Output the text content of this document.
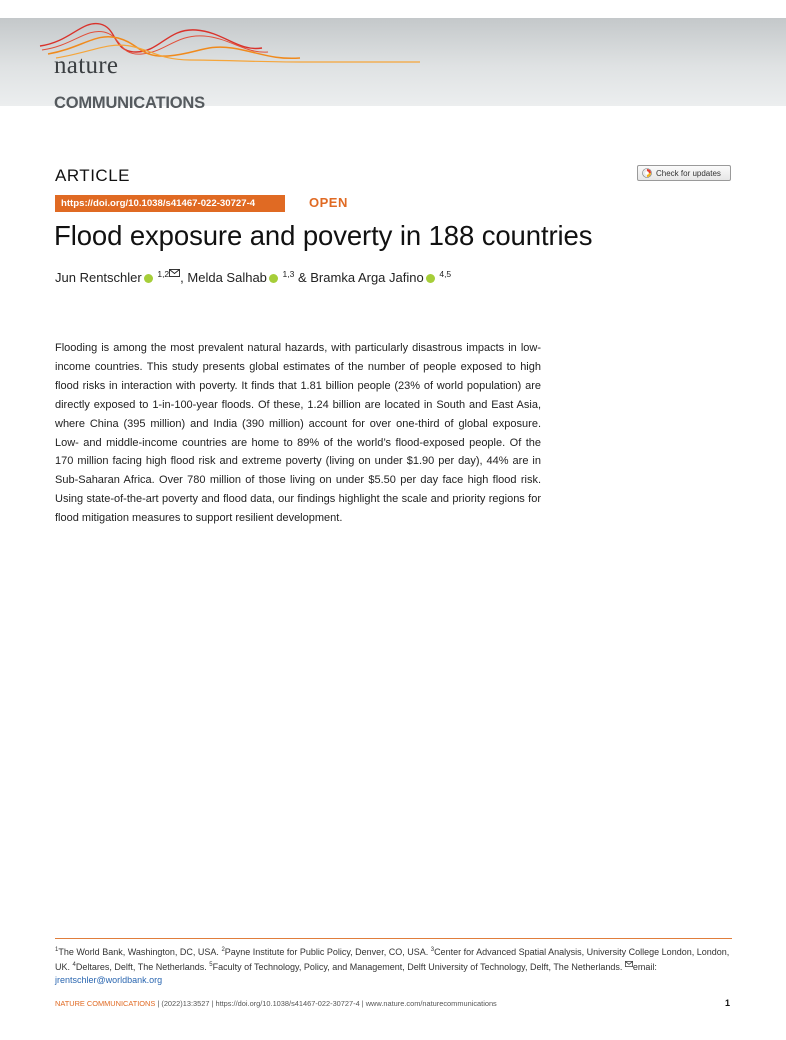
nature
COMMUNICATIONS
ARTICLE	Check for updates
https://doi.org/10.1038/s41467-022-30727-4	OPEN
Flood exposure and poverty in 188 countries
Jun Rentschler $^{1,2}$ , Melda Salhab $^{1,3}$ & Bramka Arga Jafino $^{4,5}$

Flooding is among the most prevalent natural hazards, with particularly disastrous impacts in low-income countries. This study presents global estimates of the number of people exposed to high flood risks in interaction with poverty. It finds that 1.81 billion people (23% of world population) are directly exposed to 1-in-100-year floods. Of these, 1.24 billion are located in South and East Asia, where China (395 million) and India (390 million) account for over one-third of global exposure. Low- and middle-income countries are home to 89% of the world’s flood-exposed people. Of the 170 million facing high flood risk and extreme poverty (living on under $1.90 per day), 44% are in Sub-Saharan Africa. Over 780 million of those living on under $5.50 per day face high flood risk. Using state-of-the-art poverty and flood data, our findings highlight the scale and priority regions for flood mitigation measures to support resilient development.

$^1$The World Bank, Washington, DC, USA. $^2$Payne Institute for Public Policy, Denver, CO, USA. $^3$Center for Advanced Spatial Analysis, University College London, London, UK. $^4$Deltares, Delft, The Netherlands. $^5$Faculty of Technology, Policy, and Management, Delft University of Technology, Delft, The Netherlands. email: jrentschler@worldbank.org

NATURE COMMUNICATIONS | (2022)13:3527 | https://doi.org/10.1038/s41467-022-30727-4 | www.nature.com/naturecommunications	1
